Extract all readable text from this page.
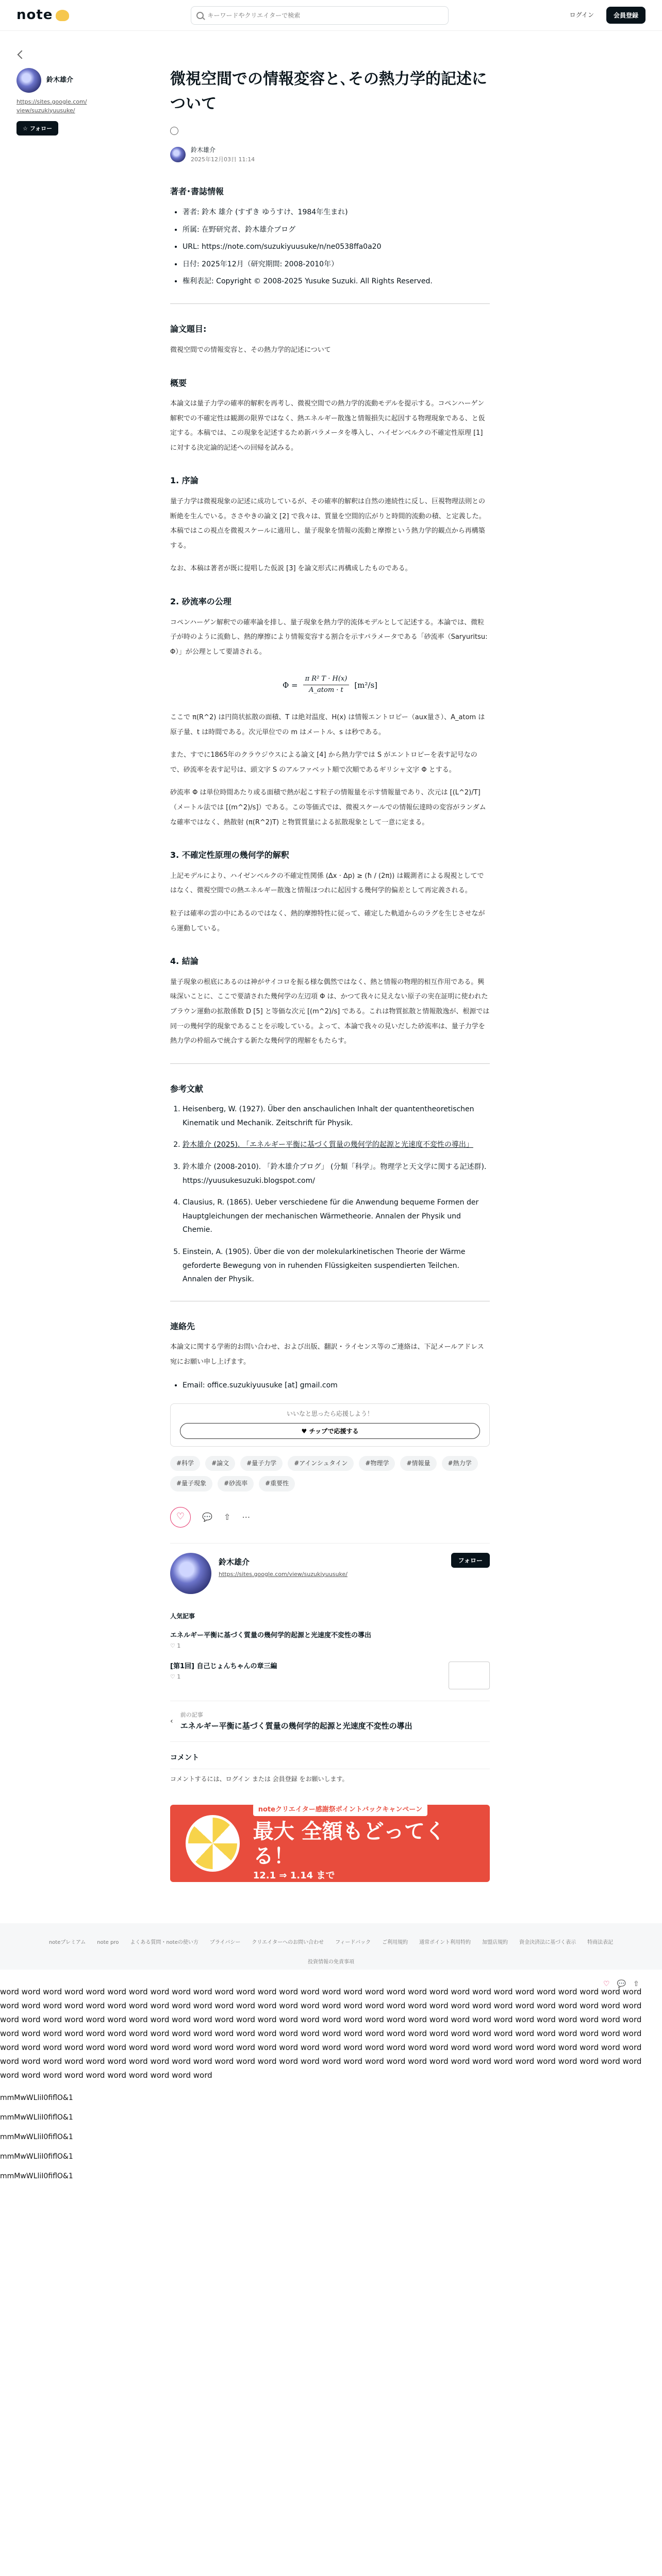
note
キーワードやクリエイターで検索	ログイン	会員登録
鈴木雄介
https://sites.google.com/view/suzukiyuusuke/
☆ フォロー
微視空間での情報変容と､その熱力学的記述について
鈴木雄介
2025年12月03日 11:14
著者･書誌情報
• 著者: 鈴木 雄介 (すずき ゆうすけ、1984年生まれ)
• 所属: 在野研究者、鈴木雄介ブログ
• URL: https://note.com/suzukiyuusuke/n/ne0538ffa0a20
• 日付: 2025年12月（研究期間: 2008-2010年）
• 権利表記: Copyright © 2008-2025 Yusuke Suzuki. All Rights Reserved.
論文題目:

微視空間での情報変容と、その熱力学的記述について

概要

本論文は量子力学の確率的解釈を再考し、微視空間での熱力学的流動モデルを提示する。コペンハーゲン解釈での不確定性は観測の限界ではなく、熱エネルギー散逸と情報損失に起因する物理現象である、と仮定する。本稿では、この現象を記述するため新パラメータを導入し、ハイゼンベルクの不確定性原理 [1] に対する決定論的記述への回帰を試みる。

1. 序論

量子力学は微視現象の記述に成功しているが、その確率的解釈は自然の連続性に反し、巨視物理法則との断絶を生んでいる。ささやきの論文 [2] で我々は、質量を空間的広がりと時間的流動の積、と定義した。本稿ではこの視点を微視スケールに適用し、量子現象を情報の流動と摩擦という熱力学的観点から再構築する。

なお、本稿は著者が既に提唱した仮説 [3] を論文形式に再構成したものである。

2. 砂流率の公理

コペンハーゲン解釈での確率論を排し、量子現象を熱力学的流体モデルとして記述する。本論では、微粒子が時のように流動し、熱的摩擦により情報変容する割合を示すパラメータである「砂流率（Saryuritsu: Φ）」が公理として要請される。

$\Phi = \frac{\text{π R² T · H(x)}}{\text{A\_atom · t}} [m^2/s]$

ここで π(R^2) は円筒状拡散の面積、T は絶対温度、H(x) は情報エントロピー（aux量さ）、A_atom は原子量、t は時間である。次元単位での m はメートル、s は秒である。

また、すでに1865年のクラウジウスによる論文 [4] から熱力学では S がエントロピーを表す記号なので、砂流率を表す記号は、頭文字 S のアルファベット順で次順であるギリシャ文字 Φ とする。

砂流率 Φ は単位時間あたり或る面積で熱が起こす粒子の情報量を示す情報量であり、次元は [(L^2)/T]（メートル法では [(m^2)/s]）である。この等価式では、微視スケールでの情報伝達時の変容がランダムな確率ではなく、熱散射 (π(R^2)T) と物質質量による拡散現象として一意に定まる。

3. 不確定性原理の幾何学的解釈

上記モデルにより、ハイゼンベルクの不確定性関係 (Δx · Δp) ≥ (ħ / (2π)) は観測者による現視としてではなく、微視空間での熱エネルギー散逸と情報ほつれに起因する幾何学的偏差として再定義される。

粒子は確率の雲の中にあるのではなく、熱的摩擦特性に従って、確定した軌道からのラグを生じさせながら運動している。

4. 結論

量子現象の根底にあるのは神がサイコロを振る様な偶然ではなく、熱と情報の物理的相互作用である。興味深いことに、ここで要請された幾何学の左辺項 Φ は、かつて我々に見えない原子の実在証明に使われたブラウン運動の拡散係数 D [5] と等価な次元 [(m^2)/s] である。これは物質拡散と情報散逸が、根源では同一の幾何学的現象であることを示唆している。よって、本論で我々の見いだした砂流率は、量子力学を熱力学の枠組みで統合する新たな幾何学的理解をもたらす。

参考文献
1. Heisenberg, W. (1927). Über den anschaulichen Inhalt der quantentheoretischen Kinematik und Mechanik. Zeitschrift für Physik.
2. 鈴木雄介 (2025). 「エネルギー平衡に基づく質量の幾何学的起源と光速度不変性の導出」
3. 鈴木雄介 (2008-2010). 「鈴木雄介ブログ」 (分類「科学」。物理学と天文学に関する記述群). https://yuusukesuzuki.blogspot.com/
4. Clausius, R. (1865). Ueber verschiedene für die Anwendung bequeme Formen der Hauptgleichungen der mechanischen Wärmetheorie. Annalen der Physik und Chemie.
5. Einstein, A. (1905). Über die von der molekularkinetischen Theorie der Wärme geforderte Bewegung von in ruhenden Flüssigkeiten suspendierten Teilchen. Annalen der Physik.
連絡先

本論文に関する学術的お問い合わせ、および出版、翻訳・ライセンス等のご連絡は、下記メールアドレス宛にお願い申し上げます。

• Email: office.suzukiyuusuke [at] gmail.com
いいなと思ったら応援しよう！
♥ チップで応援する
#科学	#論文	#量子力学	#アインシュタイン	#物理学	#情報量	#熱力学
#量子現象	#砂流率	#重要性
♡	💬 ⇧ ⋯
鈴木雄介
https://sites.google.com/view/suzukiyuusuke/
フォロー
人気記事
エネルギー平衡に基づく質量の幾何学的起源と光速度不変性の導出
♡ 1
[第1回] 自己じょんちゃんの章三編
♡ 1
‹
前の記事
エネルギー平衡に基づく質量の幾何学的起源と光速度不変性の導出
コメント
コメントするには、ログイン または 会員登録 をお願いします。
noteクリエイター感謝祭ポイントバックキャンペーン
最大 全額もどってくる！
12.1 ⇒ 1.14 まで
♡ 💬 ⇧
noteプレミアム note pro よくある質問・noteの使い方 プライバシー クリエイターへのお問い合わせ フィードバック ご利用規約 通常ポイント利用特約 加盟店規約 資金決済法に基づく表示 特商法表記
投資情報の免責事項
word word word word word word word word word word word word word word word word word word word word word word word word word word word word word word word word word word word word word word word word word word word word word word word word word word word word word word word word word word word word word word word word word word word word word word word word word word word word word word word word word word word word word word word word word word word word word word word word word word word word word word word word word word word word word word word word word word word word word word word word word word word word word word word word word word word word word word word word word word word word word word word word word word word word word word word word word word word word word word word word word word word word word word word word word word word word word word word word word word word word word word word word word word word word word word
mmMwWLliI0fiflO&1
mmMwWLliI0fiflO&1
mmMwWLliI0fiflO&1
mmMwWLliI0fiflO&1
mmMwWLliI0fiflO&1
